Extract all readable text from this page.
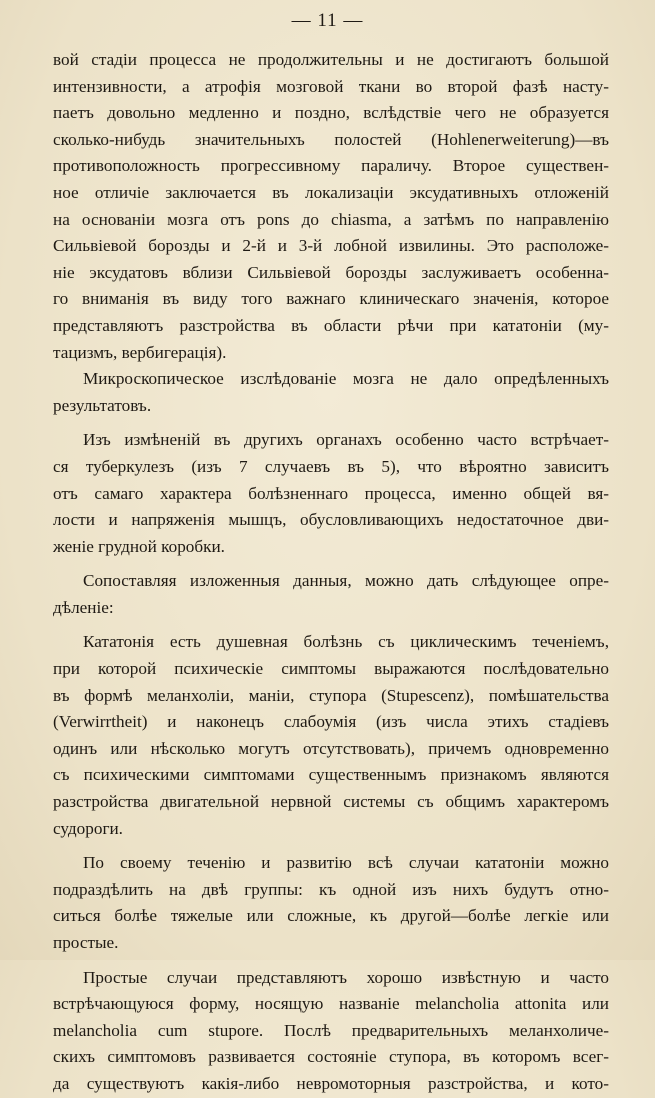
— 11 —
вой стадіи процесса не продолжительны и не достигаютъ большой
интензивности, а атрофія мозговой ткани во второй фазѣ насту-
паетъ довольно медленно и поздно, вслѣдствіе чего не образуется
сколько-нибудь значительныхъ полостей (Hohlenerweiterung)—въ
противоположность прогрессивному параличу. Второе существен-
ное отличіе заключается въ локализаціи эксудативныхъ отложеній
на основаніи мозга отъ pons до chiasma, а затѣмъ по направленію
Сильвіевой борозды и 2-й и 3-й лобной извилины. Это расположе-
ніе эксудатовъ вблизи Сильвіевой борозды заслуживаетъ особенна-
го вниманія въ виду того важнаго клиническаго значенія, которое
представляютъ разстройства въ области рѣчи при кататоніи (му-
тацизмъ, вербигерація).
Микроскопическое изслѣдованіе мозга не дало опредѣленныхъ
результатовъ.
Изъ измѣненій въ другихъ органахъ особенно часто встрѣчает-
ся туберкулезъ (изъ 7 случаевъ въ 5), что вѣроятно зависитъ
отъ самаго характера болѣзненнаго процесса, именно общей вя-
лости и напряженія мышцъ, обусловливающихъ недостаточное дви-
женіе грудной коробки.
Сопоставляя изложенныя данныя, можно дать слѣдующее опре-
дѣленіе:
Кататонія есть душевная болѣзнь съ циклическимъ теченіемъ,
при которой психическіе симптомы выражаются послѣдовательно
въ формѣ меланхоліи, маніи, ступора (Stupescenz), помѣшательства
(Verwirrtheit) и наконецъ слабоумія (изъ числа этихъ стадіевъ
одинъ или нѣсколько могутъ отсутствовать), причемъ одновременно
съ психическими симптомами существеннымъ признакомъ являются
разстройства двигательной нервной системы съ общимъ характеромъ
судороги.
По своему теченію и развитію всѣ случаи кататоніи можно
подраздѣлить на двѣ группы: къ одной изъ нихъ будутъ отно-
ситься болѣе тяжелые или сложные, къ другой—болѣе легкіе или
простые.
Простые случаи представляютъ хорошо извѣстную и часто
встрѣчающуюся форму, носящую названіе melancholia attonita или
melancholia cum stupore. Послѣ предварительныхъ меланхоличе-
скихъ симптомовъ развивается состояніе ступора, въ которомъ всег-
да существуютъ какія-либо невромоторныя разстройства, и кото-
